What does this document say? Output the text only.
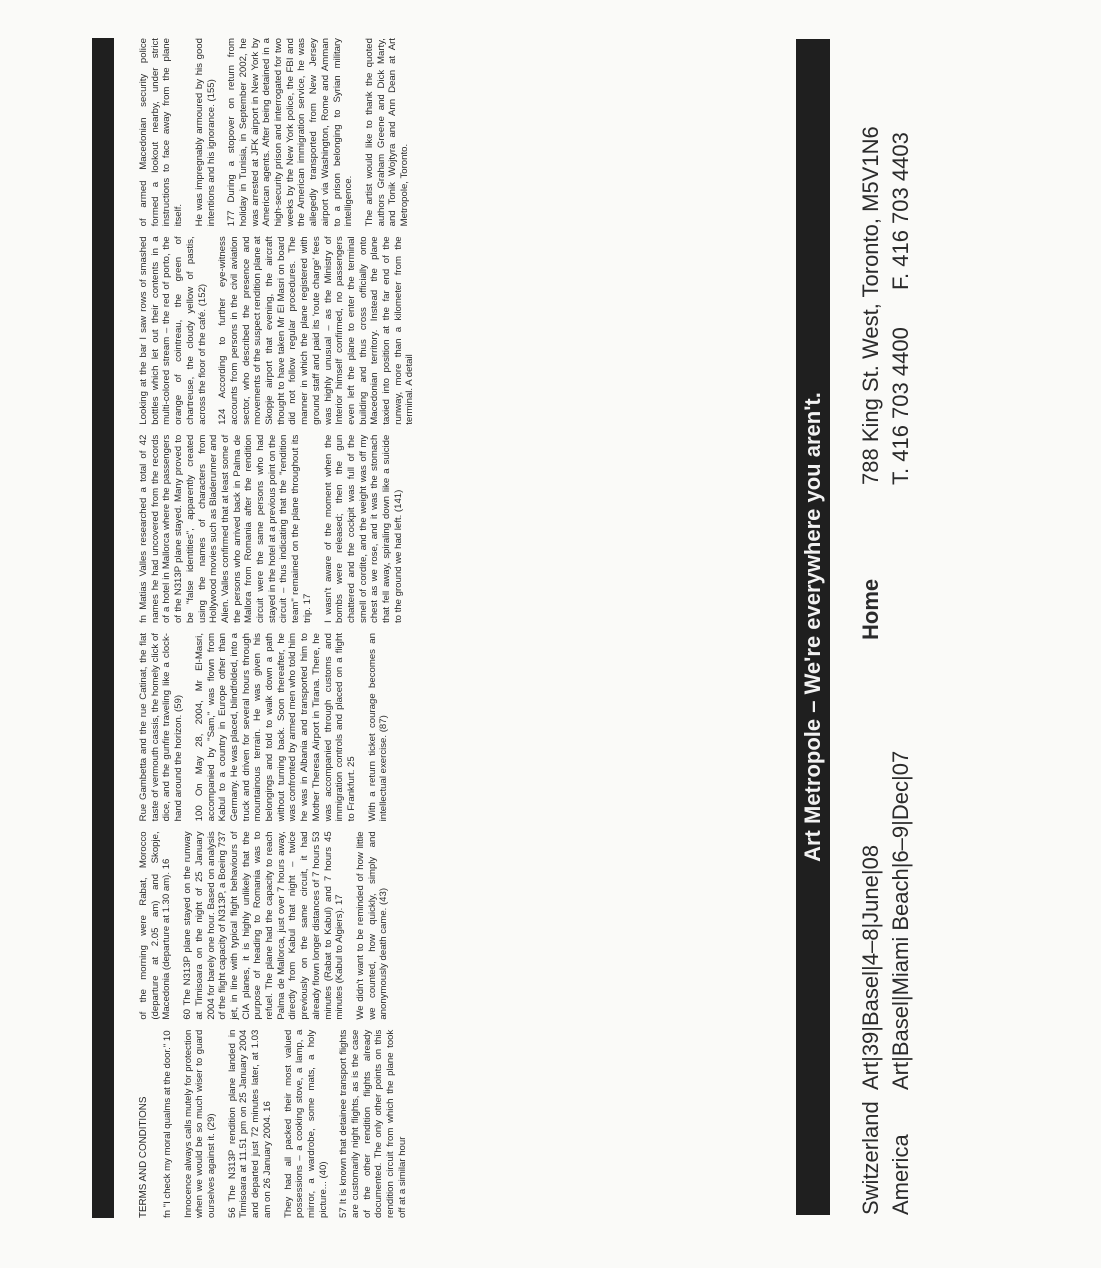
TERMS AND CONDITIONS fn "I check my moral qualms at the door." 10 Innocence always calls mutely for protection when we would be so much wiser to guard ourselves against it. (29) 56 The N313P rendition plane landed in Timisoara at 11.51 pm on 25 January 2004 and departed just 72 minutes later, at 1.03 am on 26 January 2004. 16 They had all packed their most valued possessions – a cooking stove, a lamp, a mirror, a wardrobe, some mats, a holy picture... (40) 57 It is known that detainee transport flights are customarily night flights, as is the case of the other rendition flights already documented. The only other points on this rendition circuit from which the plane took off at a similar hour

of the morning were Rabat, Morocco (departure at 2.05 am) and Skopje, Macedonia (departure at 1.30 am). 16 60 The N313P plane stayed on the runway at Timisoara on the night of 25 January 2004 for barely one hour. Based on analysis of the flight capacity of N313P, a Boeing 737 jet, in line with typical flight behaviours of CIA planes, it is highly unlikely that the purpose of heading to Romania was to refuel. The plane had the capacity to reach Palma de Mallorca, just over 7 hours away, directly from Kabul that night – twice previously on the same circuit, it had already flown longer distances of 7 hours 53 minutes (Rabat to Kabul) and 7 hours 45 minutes (Kabul to Algiers). 17 We didn't want to be reminded of how little we counted, how quickly, simply and anonymously death came. (43)

Rue Gambetta and the rue Catinat, the flat taste of vermouth cassis, the homely click of dice, and the gunfire traveling like a clock-hand around the horizon. (59) 100 On May 28, 2004, Mr El-Masri, accompanied by "Sam," was flown from Kabul to a country in Europe other than Germany. He was placed, blindfolded, into a truck and driven for several hours through mountainous terrain. He was given his belongings and told to walk down a path without turning back. Soon thereafter, he was confronted by armed men who told him he was in Albania and transported him to Mother Theresa Airport in Tirana. There, he was accompanied through customs and immigration controls and placed on a flight to Frankfurt. 25 With a return ticket courage becomes an intellectual exercise. (87)

fn Matias Valles researched a total of 42 names he had uncovered from the records of a hotel in Mallorca where the passengers of the N313P plane stayed. Many proved to be "false identities", apparently created using the names of characters from Hollywood movies such as Bladerunner and Alien. Valles confirmed that at least some of the persons who arrived back in Palma de Mallora from Romania after the rendition circuit were the same persons who had stayed in the hotel at a previous point on the circuit – thus indicating that the "rendition team" remained on the plane throughout its trip. 17 I wasn't aware of the moment when the bombs were released; then the gun chattered and the cockpit was full of the smell of cordite, and the weight was off my chest as we rose, and it was the stomach that fell away, spiraling down like a suicide to the ground we had left. (141)

Looking at the bar I saw rows of smashed bottles which let out their contents in a multi-colored stream – the red of porto, the orange of cointreau, the green of chartreuse, the cloudy yellow of pastis, across the floor of the café. (152) 124 According to further eye-witness accounts from persons in the civil aviation sector, who described the presence and movements of the suspect rendition plane at Skopje airport that evening, the aircraft thought to have taken Mr El Masri on board did not follow regular procedures. The manner in which the plane registered with ground staff and paid its 'route charge' fees was highly unusual – as the Ministry of Interior himself confirmed, no passengers even left the plane to enter the terminal building and thus cross officially onto Macedonian territory. Instead the plane taxied into position at the far end of the runway, more than a kilometer from the terminal. A detail

of armed Macedonian security police formed a lookout nearby, under strict instructions to face away from the plane itself. He was impregnably armoured by his good intentions and his ignorance. (155) 177 During a stopover on return from holiday in Tunisia, in September 2002, he was arrested at JFK airport in New York by American agents. After being detained in a high-security prison and interrogated for two weeks by the New York police, the FBI and the American immigration service, he was allegedly transported from New Jersey airport via Washington, Rome and Amman to a prison belonging to Syrian military intelligence. The artist would like to thank the quoted authors Graham Greene and Dick Marty, and Tonik Wojtyra and Ann Dean at Art Metropole, Toronto.

Art Metropole – We're everywhere you aren't.
Switzerland
Art|39|Basel|4–8|June|08
Home
788 King St. West, Toronto, M5V1N6
America
Art|Basel|Miami Beach|6–9|Dec|07
T. 416 703 4400
F. 416 703 4403
